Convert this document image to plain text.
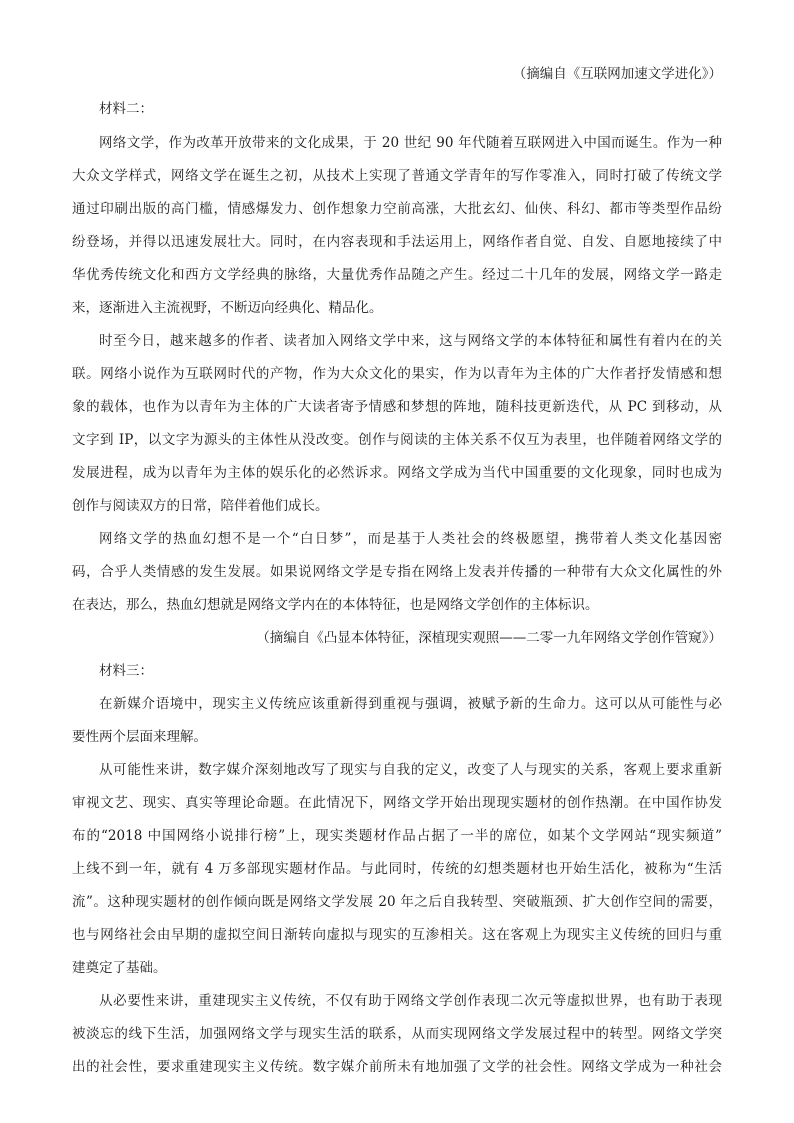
（摘编自《互联网加速文学进化》）
材料二：
网络文学，作为改革开放带来的文化成果，于 20 世纪 90 年代随着互联网进入中国而诞生。作为一种
大众文学样式，网络文学在诞生之初，从技术上实现了普通文学青年的写作零准入，同时打破了传统文学
通过印刷出版的高门槛，情感爆发力、创作想象力空前高涨，大批玄幻、仙侠、科幻、都市等类型作品纷
纷登场，并得以迅速发展壮大。同时，在内容表现和手法运用上，网络作者自觉、自发、自愿地接续了中
华优秀传统文化和西方文学经典的脉络，大量优秀作品随之产生。经过二十几年的发展，网络文学一路走
来，逐渐进入主流视野，不断迈向经典化、精品化。
时至今日，越来越多的作者、读者加入网络文学中来，这与网络文学的本体特征和属性有着内在的关
联。网络小说作为互联网时代的产物，作为大众文化的果实，作为以青年为主体的广大作者抒发情感和想
象的载体，也作为以青年为主体的广大读者寄予情感和梦想的阵地，随科技更新迭代，从 PC 到移动，从
文字到 IP，以文字为源头的主体性从没改变。创作与阅读的主体关系不仅互为表里，也伴随着网络文学的
发展进程，成为以青年为主体的娱乐化的必然诉求。网络文学成为当代中国重要的文化现象，同时也成为
创作与阅读双方的日常，陪伴着他们成长。
网络文学的热血幻想不是一个“白日梦”，而是基于人类社会的终极愿望，携带着人类文化基因密
码，合乎人类情感的发生发展。如果说网络文学是专指在网络上发表并传播的一种带有大众文化属性的外
在表达，那么，热血幻想就是网络文学内在的本体特征，也是网络文学创作的主体标识。
（摘编自《凸显本体特征，深植现实观照——二零一九年网络文学创作管窥》）
材料三：
在新媒介语境中，现实主义传统应该重新得到重视与强调，被赋予新的生命力。这可以从可能性与必
要性两个层面来理解。
从可能性来讲，数字媒介深刻地改写了现实与自我的定义，改变了人与现实的关系，客观上要求重新
审视文艺、现实、真实等理论命题。在此情况下，网络文学开始出现现实题材的创作热潮。在中国作协发
布的“2018 中国网络小说排行榜”上，现实类题材作品占据了一半的席位，如某个文学网站“现实频道”
上线不到一年，就有 4 万多部现实题材作品。与此同时，传统的幻想类题材也开始生活化，被称为“生活
流”。这种现实题材的创作倾向既是网络文学发展 20 年之后自我转型、突破瓶颈、扩大创作空间的需要，
也与网络社会由早期的虚拟空间日渐转向虚拟与现实的互渗相关。这在客观上为现实主义传统的回归与重
建奠定了基础。
从必要性来讲，重建现实主义传统，不仅有助于网络文学创作表现二次元等虚拟世界，也有助于表现
被淡忘的线下生活，加强网络文学与现实生活的联系，从而实现网络文学发展过程中的转型。网络文学突
出的社会性，要求重建现实主义传统。数字媒介前所未有地加强了文学的社会性。网络文学成为一种社会
